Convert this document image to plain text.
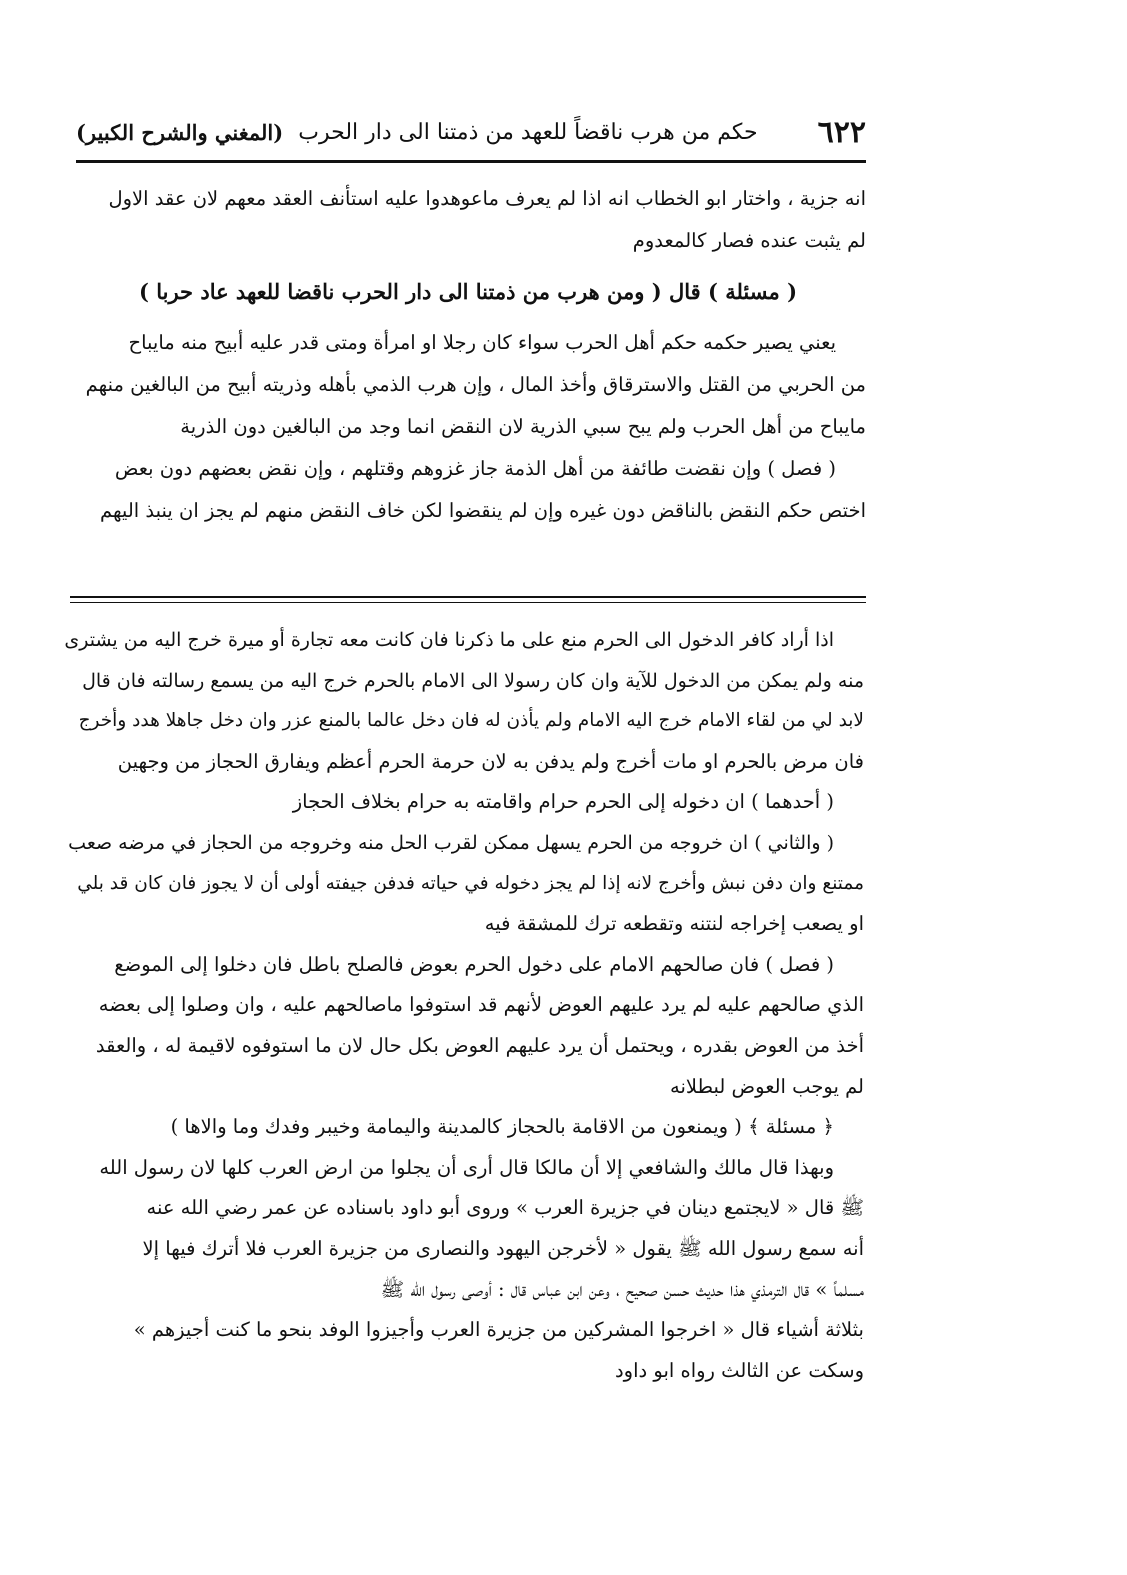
٦٢٢
حكم من هرب ناقضاً للعهد من ذمتنا الى دار الحرب
(المغني والشرح الكبير)
انه جزية ، واختار ابو الخطاب انه اذا لم يعرف ماعوهدوا عليه استأنف العقد معهم لان عقد الاول
لم يثبت عنده فصار كالمعدوم
( مسئلة ) قال ( ومن هرب من ذمتنا الى دار الحرب ناقضا للعهد عاد حربا )
يعني يصير حكمه حكم أهل الحرب سواء كان رجلا او امرأة ومتى قدر عليه أبيح منه مايباح
من الحربي من القتل والاسترقاق وأخذ المال ، وإن هرب الذمي بأهله وذريته أبيح من البالغين منهم
مايباح من أهل الحرب ولم يبح سبي الذرية لان النقض انما وجد من البالغين دون الذرية
( فصل ) وإن نقضت طائفة من أهل الذمة جاز غزوهم وقتلهم ، وإن نقض بعضهم دون بعض
اختص حكم النقض بالناقض دون غيره وإن لم ينقضوا لكن خاف النقض منهم لم يجز ان ينبذ اليهم
اذا أراد كافر الدخول الى الحرم منع على ما ذكرنا فان كانت معه تجارة أو ميرة خرج اليه من يشترى
منه ولم يمكن من الدخول للآية وان كان رسولا الى الامام بالحرم خرج اليه من يسمع رسالته فان قال
لابد لي من لقاء الامام خرج اليه الامام ولم يأذن له فان دخل عالما بالمنع عزر وان دخل جاهلا هدد وأخرج
فان مرض بالحرم او مات أخرج ولم يدفن به لان حرمة الحرم أعظم ويفارق الحجاز من وجهين
( أحدهما ) ان دخوله إلى الحرم حرام واقامته به حرام بخلاف الحجاز
( والثاني ) ان خروجه من الحرم يسهل ممكن لقرب الحل منه وخروجه من الحجاز في مرضه صعب
ممتنع وان دفن نبش وأخرج لانه إذا لم يجز دخوله في حياته فدفن جيفته أولى أن لا يجوز فان كان قد بلي
او يصعب إخراجه لنتنه وتقطعه ترك للمشقة فيه
( فصل ) فان صالحهم الامام على دخول الحرم بعوض فالصلح باطل فان دخلوا إلى الموضع
الذي صالحهم عليه لم يرد عليهم العوض لأنهم قد استوفوا ماصالحهم عليه ، وان وصلوا إلى بعضه
أخذ من العوض بقدره ، ويحتمل أن يرد عليهم العوض بكل حال لان ما استوفوه لاقيمة له ، والعقد
لم يوجب العوض لبطلانه
﴿ مسئلة ﴾ ( ويمنعون من الاقامة بالحجاز كالمدينة واليمامة وخيبر وفدك وما والاها )
وبهذا قال مالك والشافعي إلا أن مالكا قال أرى أن يجلوا من ارض العرب كلها لان رسول الله
ﷺ قال « لايجتمع دينان في جزيرة العرب » وروى أبو داود باسناده عن عمر رضي الله عنه
أنه سمع رسول الله ﷺ يقول « لأخرجن اليهود والنصارى من جزيرة العرب فلا أترك فيها إلا
مسلماً » قال الترمذي هذا حديث حسن صحيح ، وعن ابن عباس قال : أوصى رسول الله ﷺ
بثلاثة أشياء قال « اخرجوا المشركين من جزيرة العرب وأجيزوا الوفد بنحو ما كنت أجيزهم »
وسكت عن الثالث رواه ابو داود
